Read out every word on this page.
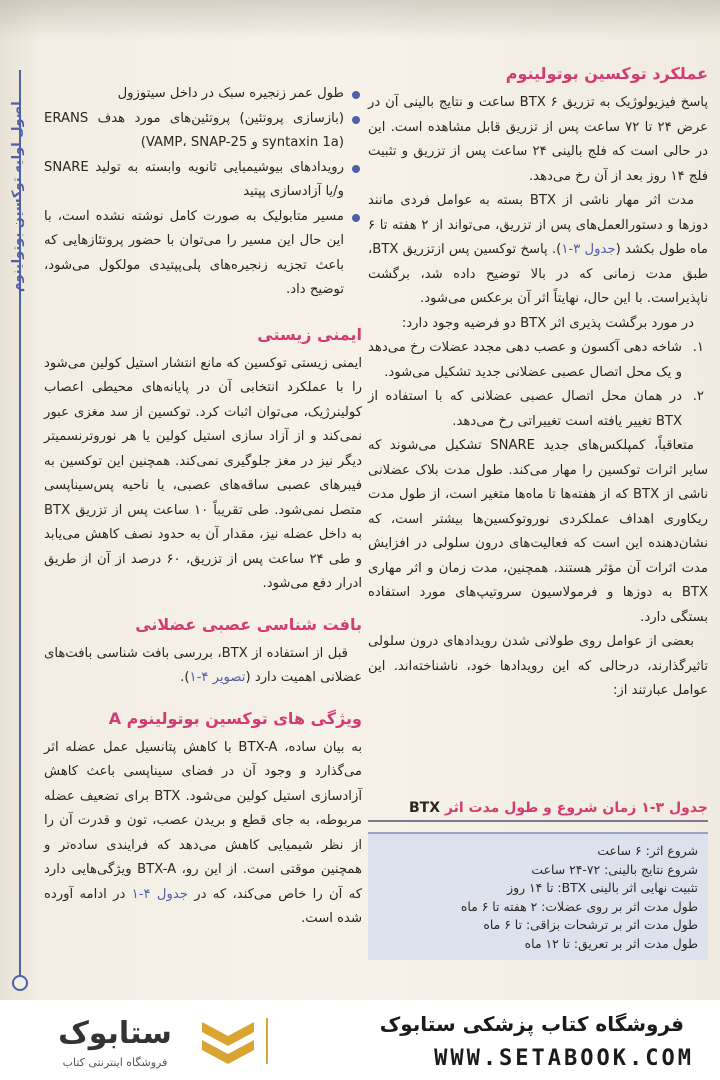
اصول اولیه توکسین بوتولینوم
عملکرد توکسین بوتولینوم

پاسخ فیزیولوژیک به تزریق BTX ۶ ساعت و نتایج بالینی آن در عرض ۲۴ تا ۷۲ ساعت پس از تزریق قابل مشاهده است. این در حالی است که فلج بالینی ۲۴ ساعت پس از تزریق و تثبیت فلج ۱۴ روز بعد از آن رخ می‌دهد.

مدت اثر مهار ناشی از BTX بسته به عوامل فردی مانند دوزها و دستورالعمل‌های پس از تزریق، می‌تواند از ۲ هفته تا ۶ ماه طول بکشد (جدول ۳-۱). پاسخ توکسین پس ازتزریق BTX، طبق مدت زمانی که در بالا توضیح داده شد، برگشت ناپذیراست. با این حال، نهایتاً اثر آن برعکس می‌شود.

در مورد برگشت پذیری اثر BTX دو فرضیه وجود دارد:

۱.
شاخه دهی آکسون و عصب دهی مجدد عضلات رخ می‌دهد و یک محل اتصال عصبی عضلانی جدید تشکیل می‌شود.
۲.
در همان محل اتصال عصبی عضلانی که با استفاده از BTX تغییر یافته است تغییراتی رخ می‌دهد.

متعاقباً، کمپلکس‌های جدید SNARE تشکیل می‌شوند که سایر اثرات توکسین را مهار می‌کند. طول مدت بلاک عضلانی ناشی از BTX که از هفته‌ها تا ماه‌ها متغیر است، از طول مدت ریکاوری اهداف عملکردی نوروتوکسین‌ها بیشتر است، که نشان‌دهنده این است که فعالیت‌های درون سلولی در افزایش مدت اثرات آن مؤثر هستند. همچنین، مدت زمان و اثر مهاری BTX به دوزها و فرمولاسیون سروتیپ‌های مورد استفاده بستگی دارد.

بعضی از عوامل روی طولانی شدن رویدادهای درون سلولی تاثیرگذارند، درحالی که این رویدادها خود، ناشناخته‌اند. این عوامل عبارتند از:

طول عمر زنجیره سبک در داخل سیتوزول
(بازسازی پروتئین) پروتئین‌های مورد هدف ERANS (syntaxin 1a و VAMP، SNAP-25)
رویدادهای بیوشیمیایی ثانویه وابسته به تولید SNARE و/یا آزادسازی پپتید
مسیر متابولیک به صورت کامل نوشته نشده است، با این حال این مسیر را می‌توان با حضور پروتئازهایی که باعث تجزیه زنجیره‌های پلی‌پپتیدی مولکول می‌شود، توضیح داد.
ایمنی زیستی

ایمنی زیستی توکسین که مانع انتشار استیل کولین می‌شود را با عملکرد انتخابی آن در پایانه‌های محیطی اعصاب کولینرژیک، می‌توان اثبات کرد. توکسین از سد مغزی عبور نمی‌کند و از آزاد سازی استیل کولین یا هر نوروترنسمیتر دیگر نیز در مغز جلوگیری نمی‌کند. همچنین این توکسین به فیبرهای عصبی ساقه‌های عصبی، یا ناحیه پس‌سیناپسی متصل نمی‌شود. طی تقریباً ۱۰ ساعت پس از تزریق BTX به داخل عضله نیز، مقدار آن به حدود نصف کاهش می‌یابد و طی ۲۴ ساعت پس از تزریق، ۶۰ درصد از آن از طریق ادرار دفع می‌شود.

بافت شناسی عصبی عضلانی

قبل از استفاده از BTX، بررسی بافت شناسی بافت‌های عضلانی اهمیت دارد (تصویر ۴-۱).

ویژگی های توکسین بوتولینوم A

به بیان ساده، BTX-A با کاهش پتانسیل عمل عضله اثر می‌گذارد و وجود آن در فضای سیناپسی باعث کاهش آزادسازی استیل کولین می‌شود. BTX برای تضعیف عضله مربوطه، به جای قطع و بریدن عصب، تون و قدرت آن را از نظر شیمیایی کاهش می‌دهد که فرایندی ساده‌تر و همچنین موقتی است. از این رو، BTX-A ویژگی‌هایی دارد که آن را خاص می‌کند، که در جدول ۴-۱ در ادامه آورده شده است.

جدول ۳-۱ زمان شروع و طول مدت اثر BTX
شروع اثر: ۶ ساعت
شروع نتایج بالینی: ۷۲-۲۴ ساعت
تثبیت نهایی اثر بالینی BTX: تا ۱۴ روز
طول مدت اثر بر روی عضلات: ۲ هفته تا ۶ ماه
طول مدت اثر بر ترشحات بزاقی: تا ۶ ماه
طول مدت اثر بر تعریق: تا ۱۲ ماه
فروشگاه کتاب پزشکی ستابوک
WWW.SETABOOK.COM
ستابوک
فروشگاه اینترنتی کتاب
